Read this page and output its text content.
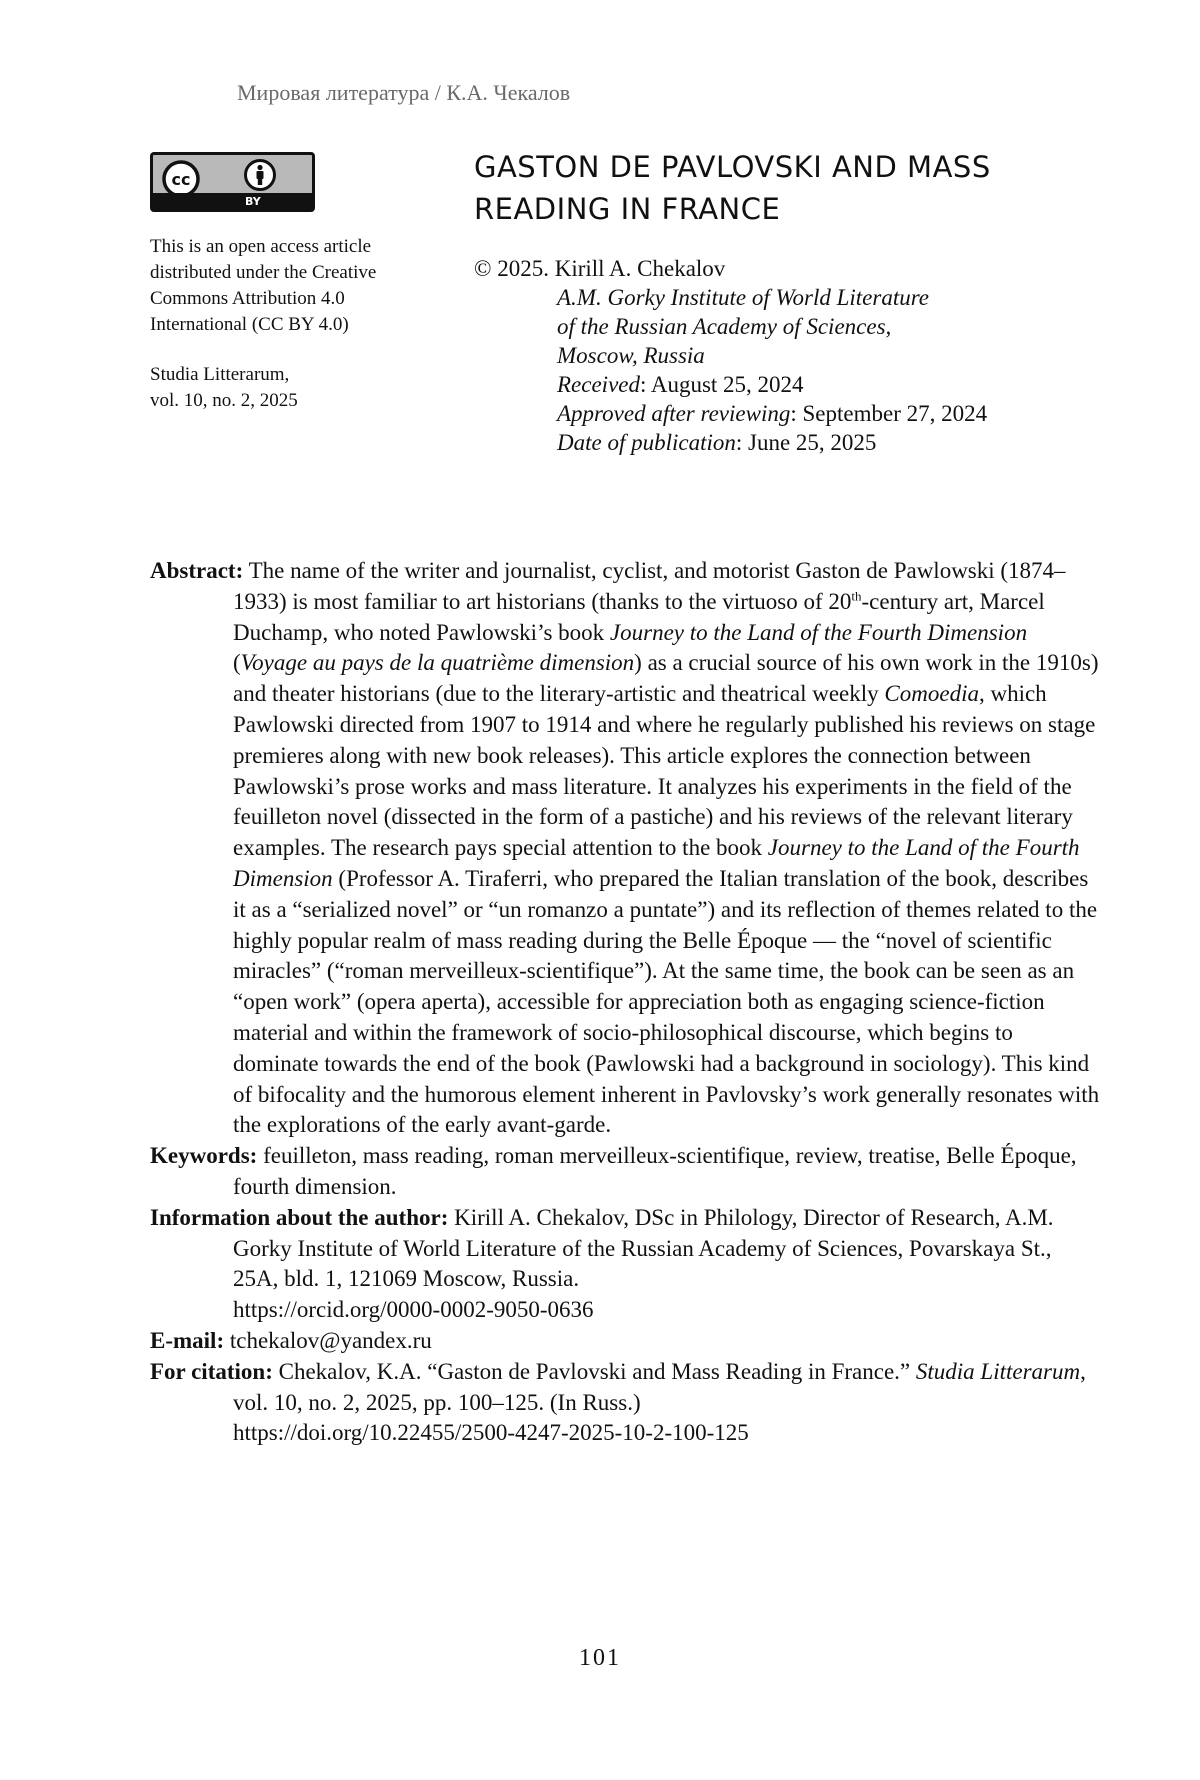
Мировая литература / К.А. Чекалов
cc
BY
This is an open access article
distributed under the Creative
Commons Attribution 4.0
International (CC BY 4.0)
Studia Litterarum,
vol. 10, no. 2, 2025
GASTON DE PAVLOVSKI AND MASS
READING IN FRANCE
© 2025. Kirill A. Chekalov
A.M. Gorky Institute of World Literature
of the Russian Academy of Sciences,
Moscow, Russia
Received: August 25, 2024
Approved after reviewing: September 27, 2024
Date of publication: June 25, 2025

Abstract: The name of the writer and journalist, cyclist, and motorist Gaston de Pawlowski (1874–1933) is most familiar to art historians (thanks to the virtuoso of 20th-century art, Marcel Duchamp, who noted Pawlowski’s book Journey to the Land of the Fourth Dimension (Voyage au pays de la quatrième dimension) as a crucial source of his own work in the 1910s) and theater historians (due to the literary-artistic and theatrical weekly Comoedia, which Pawlowski directed from 1907 to 1914 and where he regularly published his reviews on stage premieres along with new book releases). This article explores the connection between Pawlowski’s prose works and mass literature. It analyzes his experiments in the field of the feuilleton novel (dissected in the form of a pastiche) and his reviews of the relevant literary examples. The research pays special attention to the book Journey to the Land of the Fourth Dimension (Professor A. Tiraferri, who prepared the Italian translation of the book, describes it as a “serialized novel” or “un romanzo a puntate”) and its reflection of themes related to the highly popular realm of mass reading during the Belle Époque — the “novel of scientific miracles” (“roman merveilleux-scientifique”). At the same time, the book can be seen as an “open work” (opera aperta), accessible for appreciation both as engaging science-fiction material and within the framework of socio-philosophical discourse, which begins to dominate towards the end of the book (Pawlowski had a background in sociology). This kind of bifocality and the humorous element inherent in Pavlovsky’s work generally resonates with the explorations of the early avant-garde.

Keywords: feuilleton, mass reading, roman merveilleux-scientifique, review, treatise, Belle Époque, fourth dimension.

Information about the author: Kirill A. Chekalov, DSc in Philology, Director of Research, A.M. Gorky Institute of World Literature of the Russian Academy of Sciences, Povarskaya St., 25A, bld. 1, 121069 Moscow, Russia.
https://orcid.org/0000-0002-9050-0636

E-mail: tchekalov@yandex.ru

For citation: Chekalov, K.A. “Gaston de Pavlovski and Mass Reading in France.” Studia Litterarum, vol. 10, no. 2, 2025, pp. 100–125. (In Russ.)
https://doi.org/10.22455/2500-4247-2025-10-2-100-125

101
